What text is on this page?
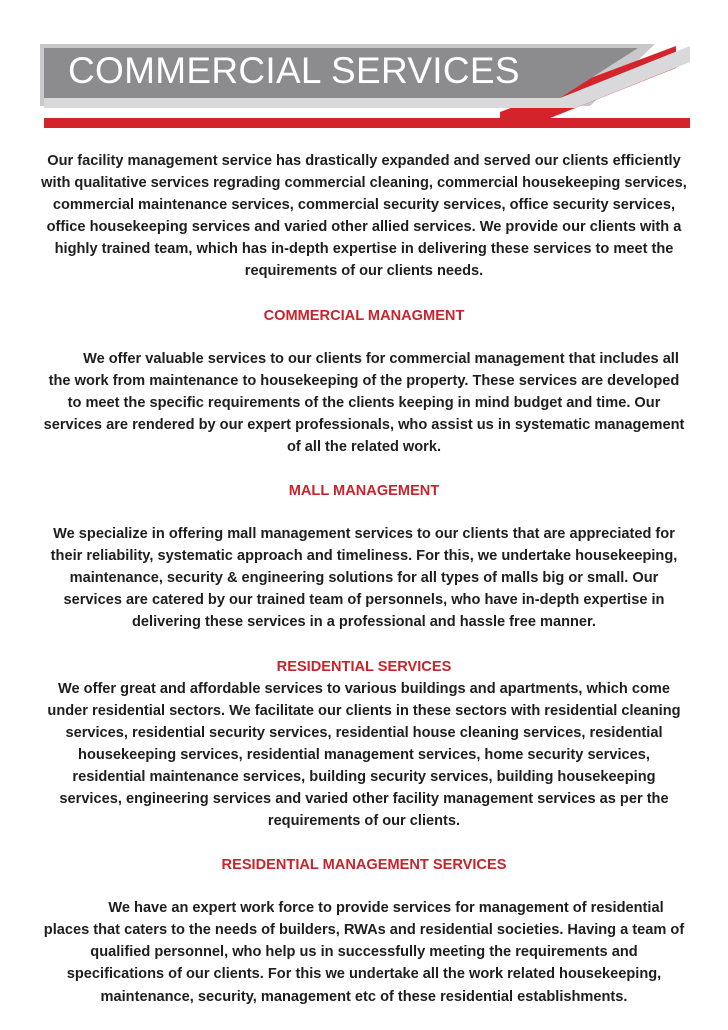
COMMERCIAL SERVICES

Our facility management service has drastically expanded and served our clients efficiently with qualitative services regrading commercial cleaning, commercial housekeeping services, commercial maintenance services, commercial security services, office security services, office housekeeping services and varied other allied services. We provide our clients with a highly trained team, which has in-depth expertise in delivering these services to meet the requirements of our clients needs.

COMMERCIAL MANAGMENT

We offer valuable services to our clients for commercial management that includes all the work from maintenance to housekeeping of the property. These services are developed to meet the specific requirements of the clients keeping in mind budget and time. Our services are rendered by our expert professionals, who assist us in systematic management of all the related work.

MALL MANAGEMENT

We specialize in offering mall management services to our clients that are appreciated for their reliability, systematic approach and timeliness. For this, we undertake housekeeping, maintenance, security & engineering solutions for all types of malls big or small. Our services are catered by our trained team of personnels, who have in-depth expertise in delivering these services in a professional and hassle free manner.

RESIDENTIAL SERVICES

We offer great and affordable services to various buildings and apartments, which come under residential sectors. We facilitate our clients in these sectors with residential cleaning services, residential security services, residential house cleaning services, residential housekeeping services, residential management services, home security services, residential maintenance services, building security services, building housekeeping services, engineering services and varied other facility management services as per the requirements of our clients.

RESIDENTIAL MANAGEMENT SERVICES

We have an expert work force to provide services for management of residential places that caters to the needs of builders, RWAs and residential societies. Having a team of qualified personnel, who help us in successfully meeting the requirements and specifications of our clients. For this we undertake all the work related housekeeping, maintenance, security, management etc of these residential establishments.
